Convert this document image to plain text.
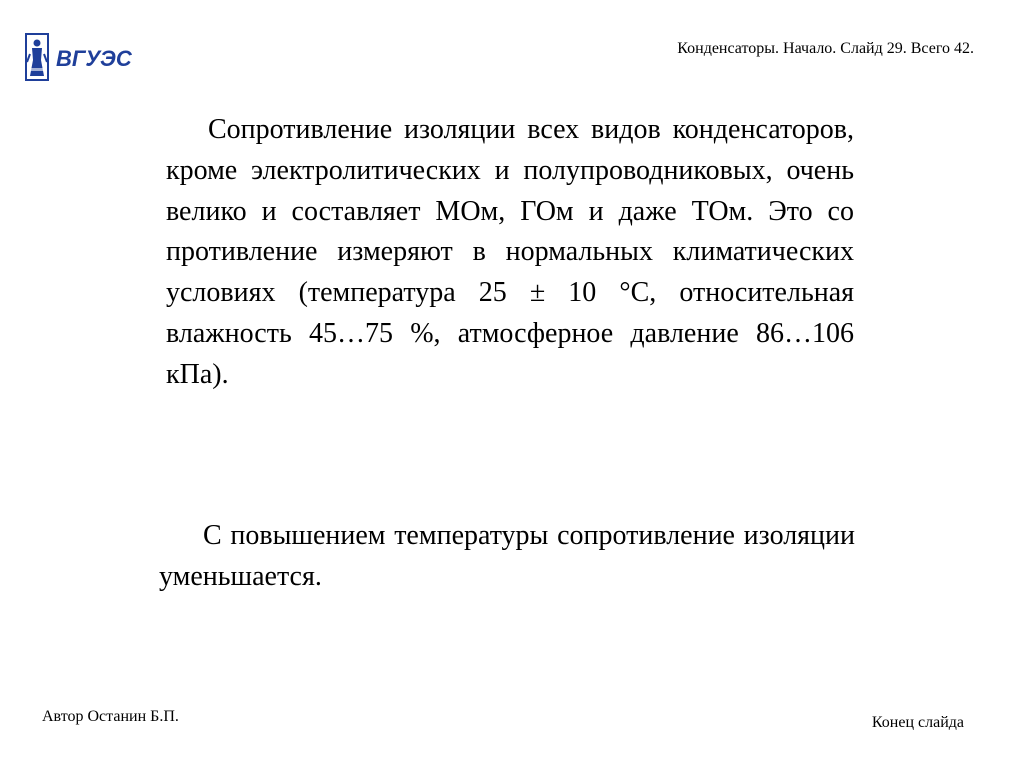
ВГУЭС	Конденсаторы. Начало. Слайд 29. Всего 42.

Сопротивление изоляции всех видов конденсаторов, кроме электролитических и полупроводниковых, очень велико и составляет МОм, ГОм и даже ТОм. Это со противление измеряют в нормальных климатических условиях (температура 25 ± 10 °С, относительная влажность 45…75 %, атмосферное давление 86…106 кПа).

С повышением температуры сопротивление изоляции уменьшается.

Автор Останин Б.П.	Конец слайда
